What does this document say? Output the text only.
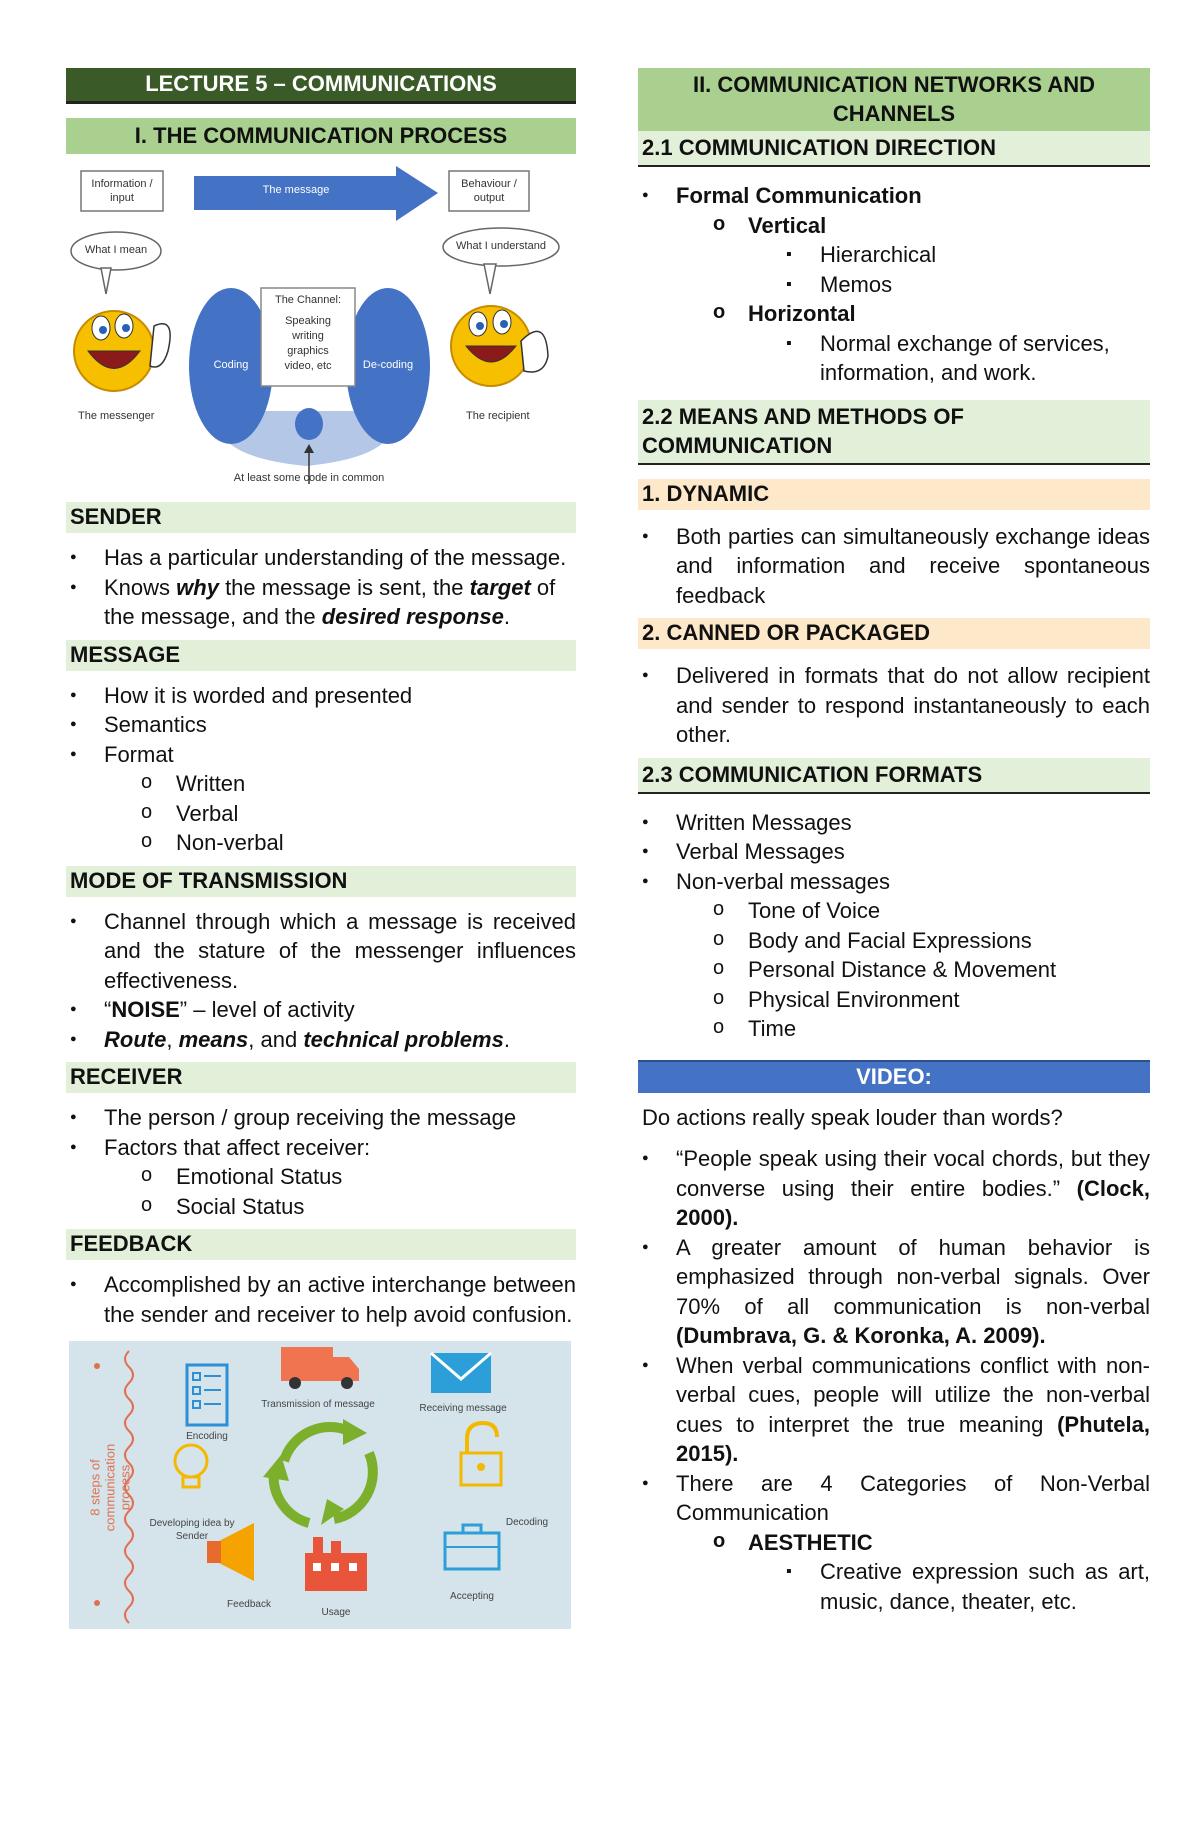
LECTURE 5 – COMMUNICATIONS
I. THE COMMUNICATION PROCESS
Information / input
The message	Behaviour / output
What I mean	What I understand
Coding	De-coding
The Channel:
Speaking
writing
graphics
video, etc
The messenger	The recipient
At least some code in common
SENDER
● Has a particular understanding of the message.
● Knows why the message is sent, the target of the message, and the desired response.
MESSAGE
● How it is worded and presented
● Semantics
● Format
o Written
o Verbal
o Non-verbal
MODE OF TRANSMISSION
● Channel through which a message is received and the stature of the messenger influences effectiveness.
● “NOISE” – level of activity
● Route, means, and technical problems.
RECEIVER
● The person / group receiving the message
● Factors that affect receiver:
o Emotional Status
o Social Status
FEEDBACK
● Accomplished by an active interchange between the sender and receiver to help avoid confusion.
8 steps of communication process
Encoding
Transmission of message	Receiving message
Developing idea by Sender
Decoding
Feedback
Usage
Accepting
II. COMMUNICATION NETWORKS AND CHANNELS
2.1 COMMUNICATION DIRECTION
● Formal Communication
o Vertical
▪ Hierarchical
▪ Memos
o Horizontal
▪ Normal exchange of services, information, and work.
2.2 MEANS AND METHODS OF COMMUNICATION
1. DYNAMIC
● Both parties can simultaneously exchange ideas and information and receive spontaneous feedback
2. CANNED OR PACKAGED
● Delivered in formats that do not allow recipient and sender to respond instantaneously to each other.
2.3 COMMUNICATION FORMATS
● Written Messages
● Verbal Messages
● Non-verbal messages
o Tone of Voice
o Body and Facial Expressions
o Personal Distance & Movement
o Physical Environment
o Time
VIDEO:
Do actions really speak louder than words?
● “People speak using their vocal chords, but they converse using their entire bodies.” (Clock, 2000).
● A greater amount of human behavior is emphasized through non-verbal signals. Over 70% of all communication is non-verbal (Dumbrava, G. & Koronka, A. 2009).
● When verbal communications conflict with non-verbal cues, people will utilize the non-verbal cues to interpret the true meaning (Phutela, 2015).
● There are 4 Categories of Non-Verbal Communication
o AESTHETIC
▪ Creative expression such as art, music, dance, theater, etc.
